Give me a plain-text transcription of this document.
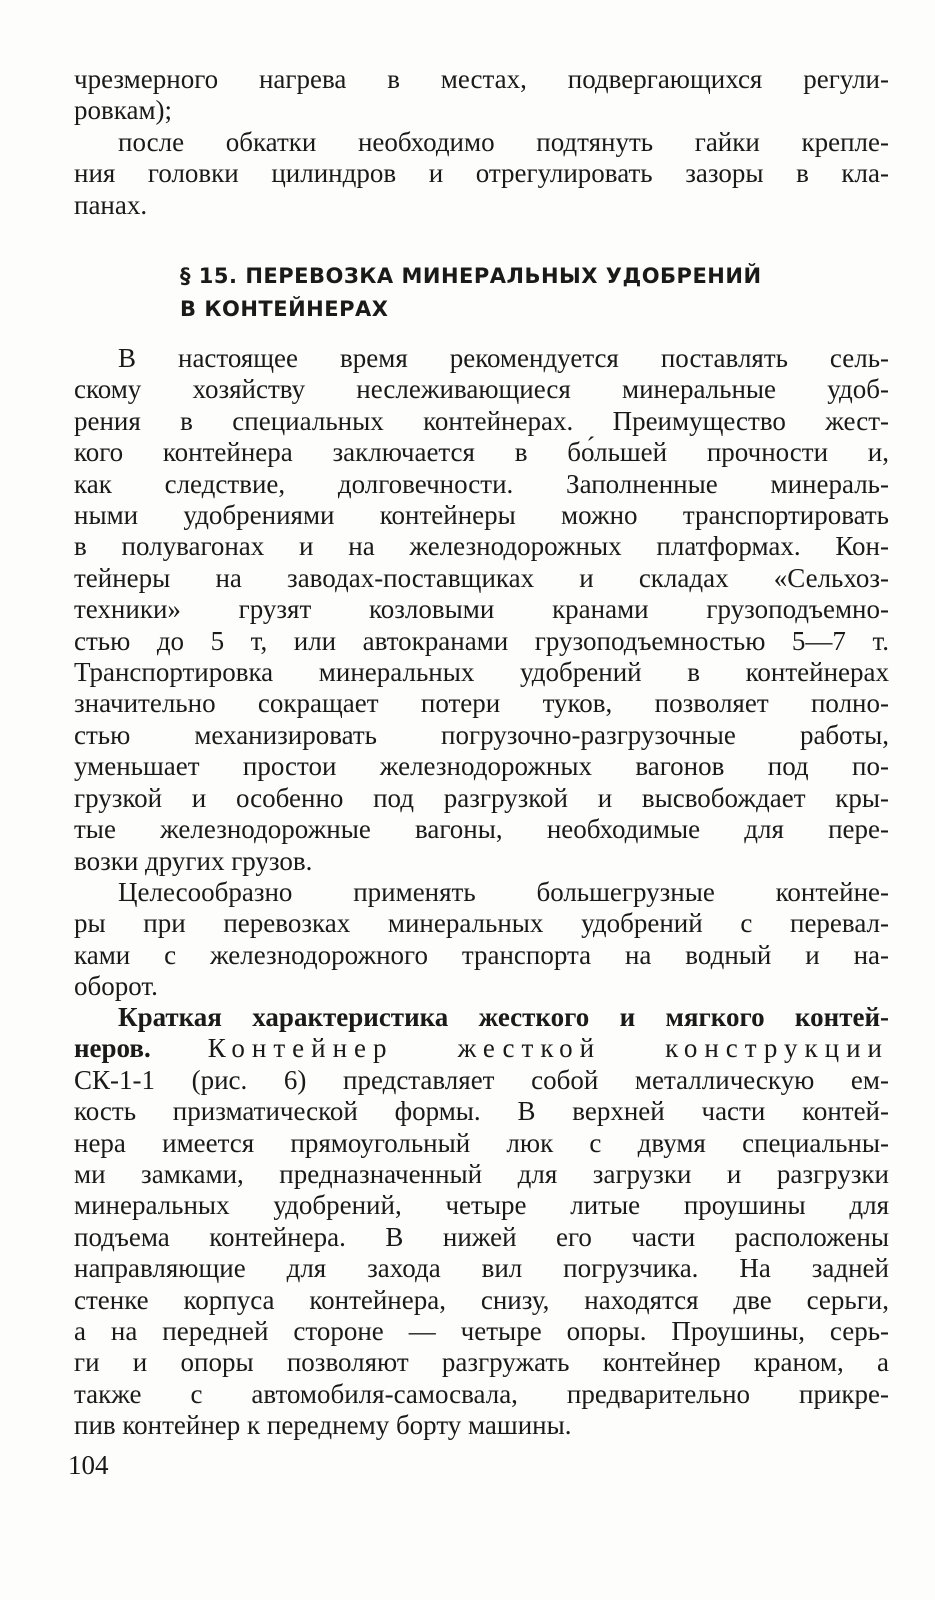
чрезмерного нагрева в местах, подвергающихся регули-
ровкам);

после обкатки необходимо подтянуть гайки крепле-
ния головки цилиндров и отрегулировать зазоры в кла-
панах.

§ 15. ПЕРЕВОЗКА МИНЕРАЛЬНЫХ УДОБРЕНИЙ
В КОНТЕЙНЕРАХ

В настоящее время рекомендуется поставлять сель-
скому хозяйству неслеживающиеся минеральные удоб-
рения в специальных контейнерах. Преимущество жест-
кого контейнера заключается в бо́льшей прочности и,
как следствие, долговечности. Заполненные минераль-
ными удобрениями контейнеры можно транспортировать
в полувагонах и на железнодорожных платформах. Кон-
тейнеры на заводах-поставщиках и складах «Сельхоз-
техники» грузят козловыми кранами грузоподъемно-
стью до 5 т, или автокранами грузоподъемностью 5—7 т.
Транспортировка минеральных удобрений в контейнерах
значительно сокращает потери туков, позволяет полно-
стью механизировать погрузочно-разгрузочные работы,
уменьшает простои железнодорожных вагонов под по-
грузкой и особенно под разгрузкой и высвобождает кры-
тые железнодорожные вагоны, необходимые для пере-
возки других грузов.

Целесообразно применять большегрузные контейне-
ры при перевозках минеральных удобрений с перевал-
ками с железнодорожного транспорта на водный и на-
оборот.

Краткая характеристика жесткого и мягкого контей-
неров. Контейнер жесткой конструкции
СК-1-1 (рис. 6) представляет собой металлическую ем-
кость призматической формы. В верхней части контей-
нера имеется прямоугольный люк с двумя специальны-
ми замками, предназначенный для загрузки и разгрузки
минеральных удобрений, четыре литые проушины для
подъема контейнера. В нижей его части расположены
направляющие для захода вил погрузчика. На задней
стенке корпуса контейнера, снизу, находятся две серьги,
а на передней стороне — четыре опоры. Проушины, серь-
ги и опоры позволяют разгружать контейнер краном, а
также с автомобиля-самосвала, предварительно прикре-
пив контейнер к переднему борту машины.

104
